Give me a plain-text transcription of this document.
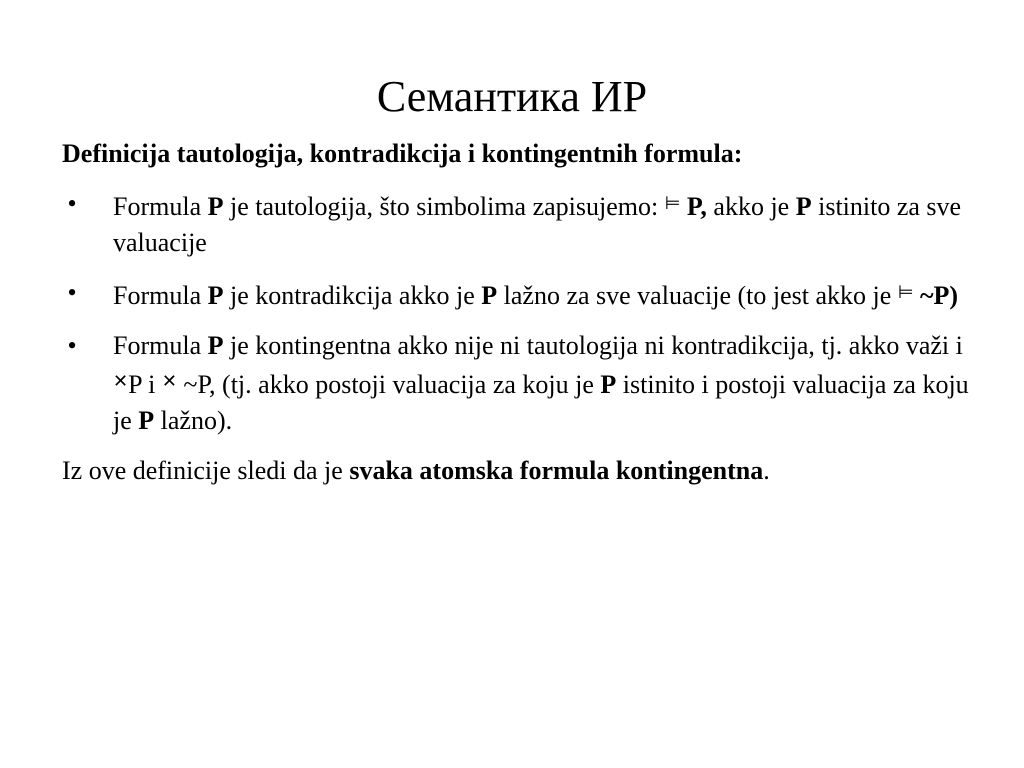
Семантика ИР

Definicija tautologija, kontradikcija i kontingentnih formula:

• Formula P je tautologija, što simbolima zapisujemo: ⊨ P, akko je P istinito za sve valuacije
• Formula P je kontradikcija akko je P lažno za sve valuacije (to jest akko je ⊨ ~P)
• Formula P je kontingentna akko nije ni tautologija ni kontradikcija, tj. akko važi i ✕P i ✕ ~P, (tj. akko postoji valuacija za koju je P istinito i postoji valuacija za koju je P lažno).

Iz ove definicije sledi da je svaka atomska formula kontingentna.
